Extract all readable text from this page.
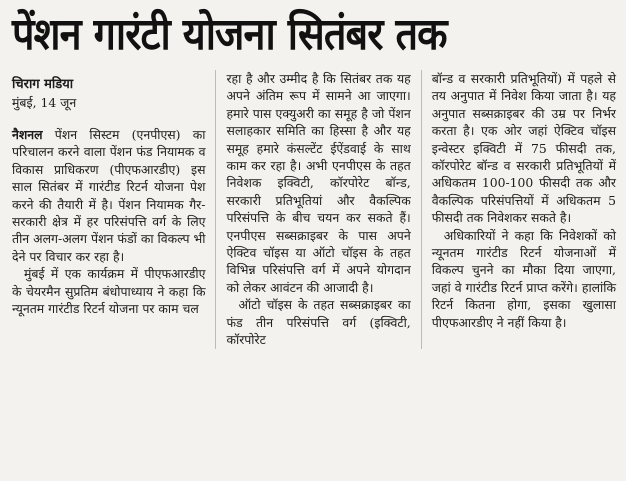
पेंशन गारंटी योजना सितंबर तक
चिराग मडिया
मुंबई, 14 जून

नैशनल पेंशन सिस्टम (एनपीएस) का परिचालन करने वाला पेंशन फंड नियामक व विकास प्राधिकरण (पीएफआरडीए) इस साल सितंबर में गारंटीड रिटर्न योजना पेश करने की तैयारी में है। पेंशन नियामक गैर-सरकारी क्षेत्र में हर परिसंपत्ति वर्ग के लिए तीन अलग-अलग पेंशन फंडों का विकल्प भी देने पर विचार कर रहा है।

मुंबई में एक कार्यक्रम में पीएफआरडीए के चेयरमैन सुप्रतिम बंधोपाध्याय ने कहा कि न्यूनतम गारंटीड रिटर्न योजना पर काम चल

रहा है और उम्मीद है कि सितंबर तक यह अपने अंतिम रूप में सामने आ जाएगा। हमारे पास एक्युअरी का समूह है जो पेंशन सलाहकार समिति का हिस्सा है और यह समूह हमारे कंसल्टेंट ईऐंडवाई के साथ काम कर रहा है। अभी एनपीएस के तहत निवेशक इक्विटी, कॉरपोरेट बॉन्ड, सरकारी प्रतिभूतियां और वैकल्पिक परिसंपत्ति के बीच चयन कर सकते हैं। एनपीएस सब्सक्राइबर के पास अपने ऐक्टिव चॉइस या ऑटो चॉइस के तहत विभिन्न परिसंपत्ति वर्ग में अपने योगदान को लेकर आवंटन की आजादी है।

ऑटो चॉइस के तहत सब्सक्राइबर का फंड तीन परिसंपत्ति वर्ग (इक्विटी, कॉरपोरेट

बॉन्ड व सरकारी प्रतिभूतियों) में पहले से तय अनुपात में निवेश किया जाता है। यह अनुपात सब्सक्राइबर की उम्र पर निर्भर करता है। एक ओर जहां ऐक्टिव चॉइस इन्वेस्टर इक्विटी में 75 फीसदी तक, कॉरपोरेट बॉन्ड व सरकारी प्रतिभूतियों में अधिकतम 100-100 फीसदी तक और वैकल्पिक परिसंपत्तियों में अधिकतम 5 फीसदी तक निवेशकर सकते है।

अधिकारियों ने कहा कि निवेशकों को न्यूनतम गारंटीड रिटर्न योजनाओं में विकल्प चुनने का मौका दिया जाएगा, जहां वे गारंटीड रिटर्न प्राप्त करेंगे। हालांकि रिटर्न कितना होगा, इसका खुलासा पीएफआरडीए ने नहीं किया है।
